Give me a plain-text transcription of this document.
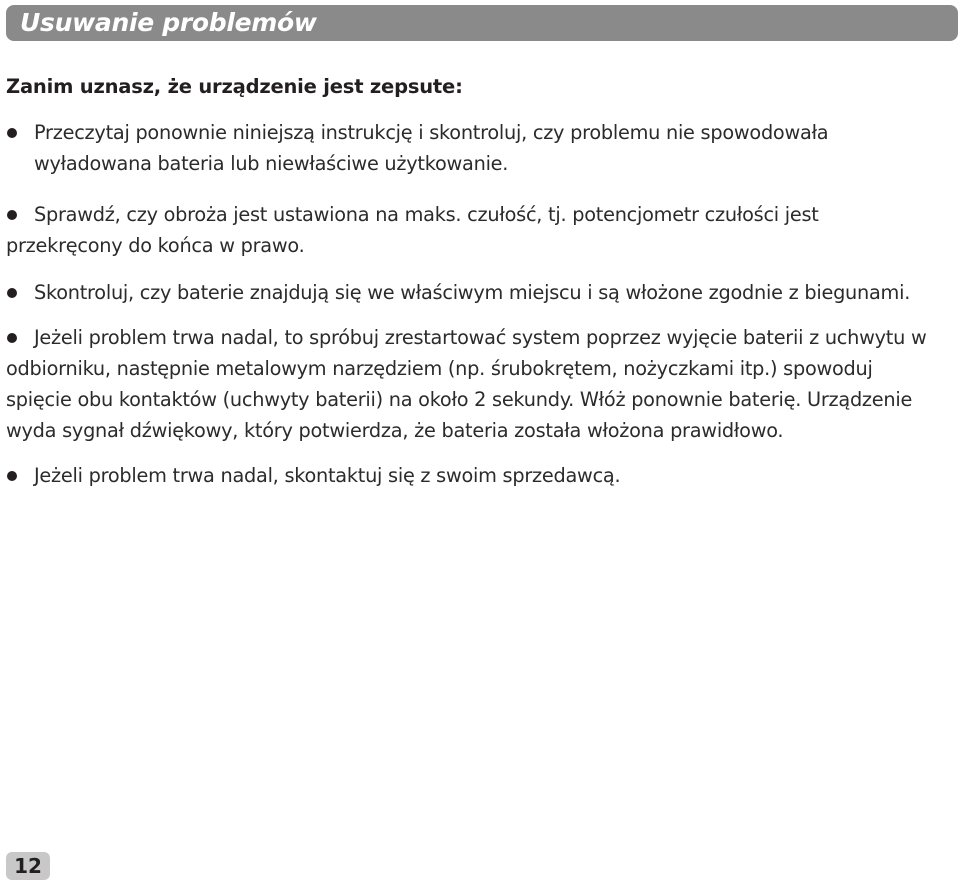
Usuwanie problemów
Zanim uznasz, że urządzenie jest zepsute:
Przeczytaj ponownie niniejszą instrukcję i skontroluj, czy problemu nie spowodowała wyładowana bateria lub niewłaściwe użytkowanie.
Sprawdź, czy obroża jest ustawiona na maks. czułość, tj. potencjometr czułości jest przekręcony do końca w prawo.
Skontroluj, czy baterie znajdują się we właściwym miejscu i są włożone zgodnie z biegunami.
Jeżeli problem trwa nadal, to spróbuj zrestartować system poprzez wyjęcie baterii z uchwytu w odbiorniku, następnie metalowym narzędziem (np. śrubokrętem, nożyczkami itp.) spowoduj spięcie obu kontaktów (uchwyty baterii) na około 2 sekundy. Włóż ponownie baterię. Urządzenie wyda sygnał dźwiękowy, który potwierdza, że bateria została włożona prawidłowo.
Jeżeli problem trwa nadal, skontaktuj się z swoim sprzedawcą.
12
